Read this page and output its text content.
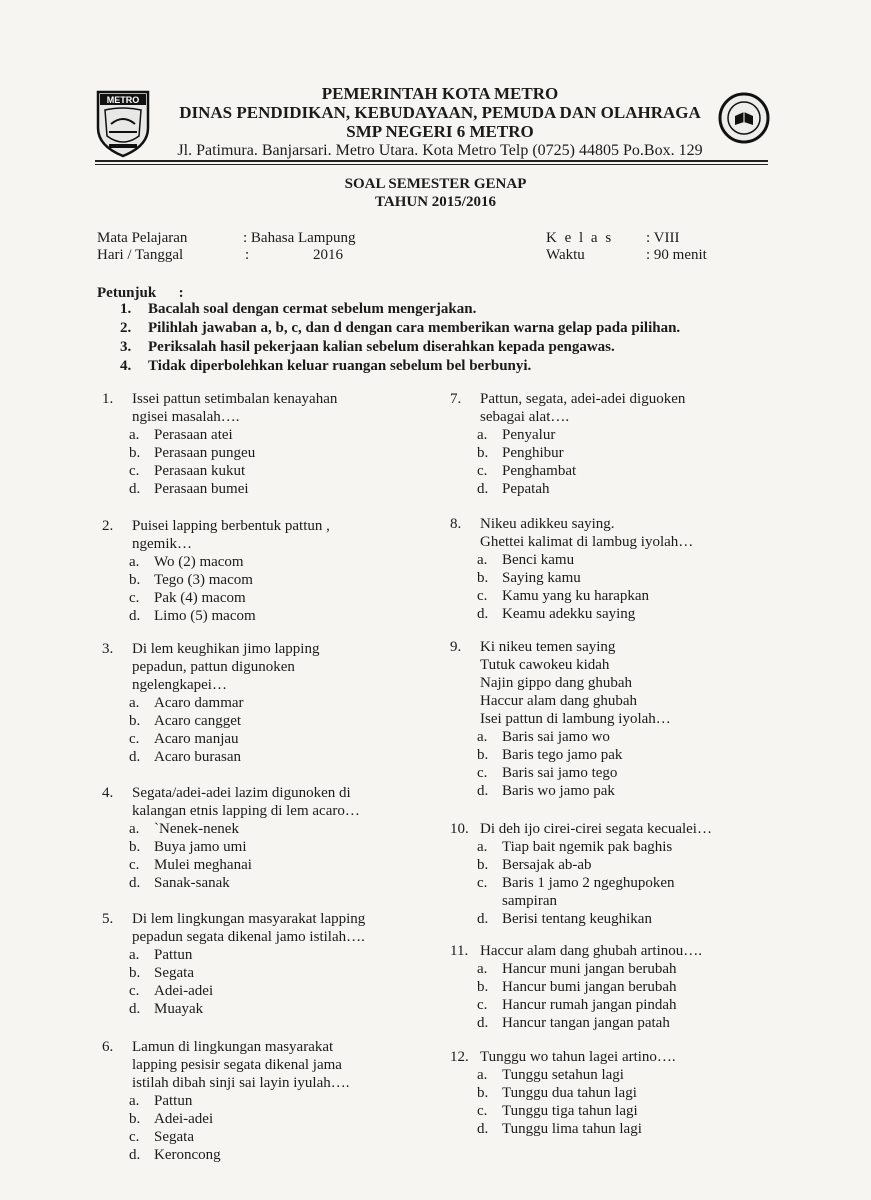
METRO	PEMERINTAH KOTA METRO
DINAS PENDIDIKAN, KEBUDAYAAN, PEMUDA DAN OLAHRAGA
SMP NEGERI 6 METRO
Jl. Patimura. Banjarsari. Metro Utara. Kota Metro Telp (0725) 44805 Po.Box. 129
SOAL SEMESTER GENAP
TAHUN 2015/2016
Mata Pelajaran	: Bahasa Lampung
Hari / Tanggal	:	2016
K e l a s : VIII
Waktu	: 90 menit
Petunjuk      :
1.	Bacalah soal dengan cermat sebelum mengerjakan.
2.	Pilihlah jawaban a, b, c, dan d dengan cara memberikan warna gelap pada pilihan.
3.	Periksalah hasil pekerjaan kalian sebelum diserahkan kepada pengawas.
4.	Tidak diperbolehkan keluar ruangan sebelum bel berbunyi.
1.	Issei pattun setimbalan kenayahan
ngisei masalah….
a. Perasaan atei
b. Perasaan pungeu
c. Perasaan kukut
d. Perasaan bumei
2.	Puisei lapping berbentuk pattun ,
ngemik…
a. Wo (2) macom
b. Tego (3) macom
c. Pak (4) macom
d. Limo (5) macom
3.	Di lem keughikan jimo lapping
pepadun, pattun digunoken
ngelengkapei…
a. Acaro dammar
b. Acaro cangget
c. Acaro manjau
d. Acaro burasan
4.	Segata/adei-adei lazim digunoken di
kalangan etnis lapping di lem acaro…
a. `Nenek-nenek
b. Buya jamo umi
c. Mulei meghanai
d. Sanak-sanak
5.	Di lem lingkungan masyarakat lapping
pepadun segata dikenal jamo istilah….
a. Pattun
b. Segata
c. Adei-adei
d. Muayak
6.	Lamun di lingkungan masyarakat
lapping pesisir segata dikenal jama
istilah dibah sinji sai layin iyulah….
a. Pattun
b. Adei-adei
c. Segata
d. Keroncong
7.	Pattun, segata, adei-adei diguoken
sebagai alat….
a. Penyalur
b. Penghibur
c. Penghambat
d. Pepatah
8.	Nikeu adikkeu saying.
Ghettei kalimat di lambug iyolah…
a. Benci kamu
b. Saying kamu
c. Kamu yang ku harapkan
d. Keamu adekku saying
9.	Ki nikeu temen saying
Tutuk cawokeu kidah
Najin gippo dang ghubah
Haccur alam dang ghubah
Isei pattun di lambung iyolah…
a. Baris sai jamo wo
b. Baris tego jamo pak
c. Baris sai jamo tego
d. Baris wo jamo pak
10. Di deh ijo cirei-cirei segata kecualei…
a. Tiap bait ngemik pak baghis
b. Bersajak ab-ab
c. Baris 1 jamo 2 ngeghupoken
sampiran
d. Berisi tentang keughikan
11. Haccur alam dang ghubah artinou….
a. Hancur muni jangan berubah
b. Hancur bumi jangan berubah
c. Hancur rumah jangan pindah
d. Hancur tangan jangan patah
12. Tunggu wo tahun lagei artino….
a. Tunggu setahun lagi
b. Tunggu dua tahun lagi
c. Tunggu tiga tahun lagi
d. Tunggu lima tahun lagi
